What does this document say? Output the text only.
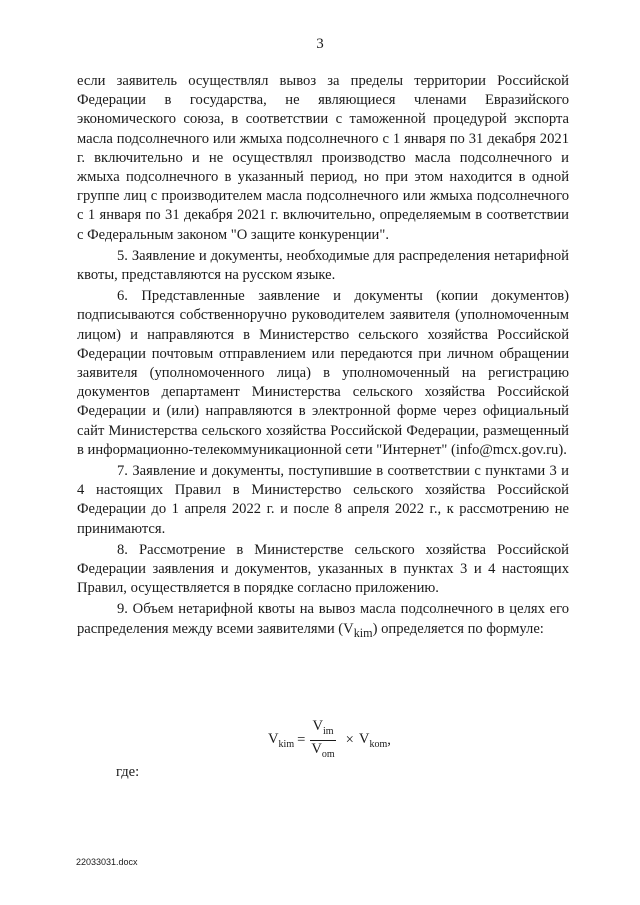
3

если заявитель осуществлял вывоз за пределы территории Российской Федерации в государства, не являющиеся членами Евразийского экономического союза, в соответствии с таможенной процедурой экспорта масла подсолнечного или жмыха подсолнечного с 1 января по 31 декабря 2021 г. включительно и не осуществлял производство масла подсолнечного и жмыха подсолнечного в указанный период, но при этом находится в одной группе лиц с производителем масла подсолнечного или жмыха подсолнечного с 1 января по 31 декабря 2021 г. включительно, определяемым в соответствии с Федеральным законом "О защите конкуренции".

5. Заявление и документы, необходимые для распределения нетарифной квоты, представляются на русском языке.

6. Представленные заявление и документы (копии документов) подписываются собственноручно руководителем заявителя (уполномоченным лицом) и направляются в Министерство сельского хозяйства Российской Федерации почтовым отправлением или передаются при личном обращении заявителя (уполномоченного лица) в уполномоченный на регистрацию документов департамент Министерства сельского хозяйства Российской Федерации и (или) направляются в электронной форме через официальный сайт Министерства сельского хозяйства Российской Федерации, размещенный в информационно-телекоммуникационной сети "Интернет" (info@mcx.gov.ru).

7. Заявление и документы, поступившие в соответствии с пунктами 3 и 4 настоящих Правил в Министерство сельского хозяйства Российской Федерации до 1 апреля 2022 г. и после 8 апреля 2022 г., к рассмотрению не принимаются.

8. Рассмотрение в Министерстве сельского хозяйства Российской Федерации заявления и документов, указанных в пунктах 3 и 4 настоящих Правил, осуществляется в порядке согласно приложению.

9. Объем нетарифной квоты на вывоз масла подсолнечного в целях его распределения между всеми заявителями $(V_{kim})$ определяется по формуле:

$V_{kim} = \frac{V_{im}}{V_{om}} \times V_{kom}$ ,
где:
22033031.docx
